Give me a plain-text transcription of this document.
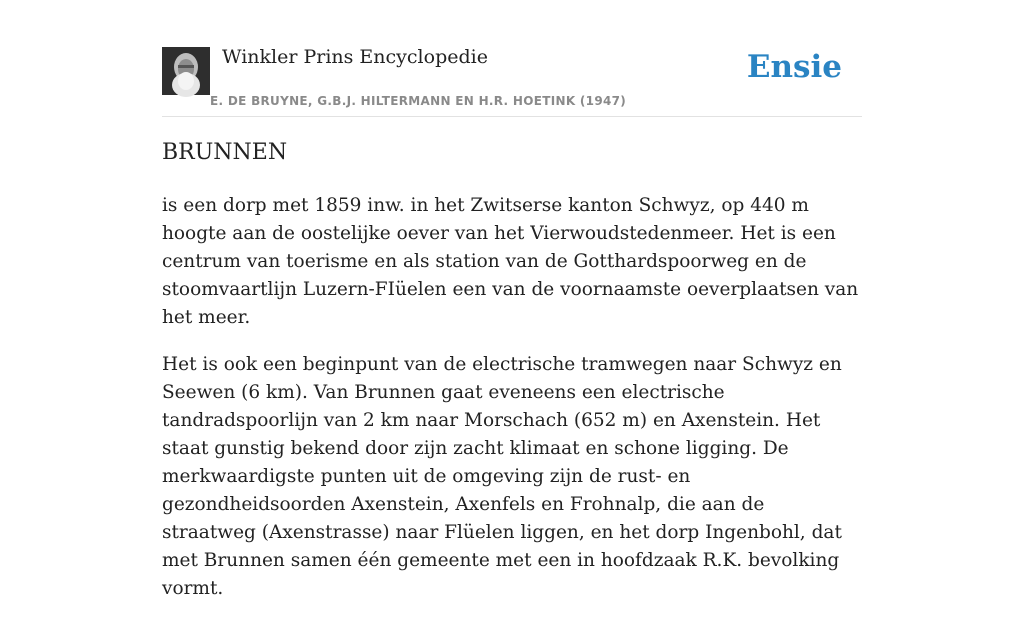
Winkler Prins Encyclopedie
E. DE BRUYNE, G.B.J. HILTERMANN EN H.R. HOETINK (1947)
Ensie
BRUNNEN

is een dorp met 1859 inw. in het Zwitserse kanton Schwyz, op 440 m hoogte aan de oostelijke oever van het Vierwoudstedenmeer. Het is een centrum van toerisme en als station van de Gotthardspoorweg en de stoomvaartlijn Luzern-FIüelen een van de voornaamste oeverplaatsen van het meer.

Het is ook een beginpunt van de electrische tramwegen naar Schwyz en Seewen (6 km). Van Brunnen gaat eveneens een electrische tandradspoorlijn van 2 km naar Morschach (652 m) en Axenstein. Het staat gunstig bekend door zijn zacht klimaat en schone ligging. De merkwaardigste punten uit de omgeving zijn de rust- en gezondheidsoorden Axenstein, Axenfels en Frohnalp, die aan de straatweg (Axenstrasse) naar Flüelen liggen, en het dorp Ingenbohl, dat met Brunnen samen één gemeente met een in hoofdzaak R.K. bevolking vormt.
